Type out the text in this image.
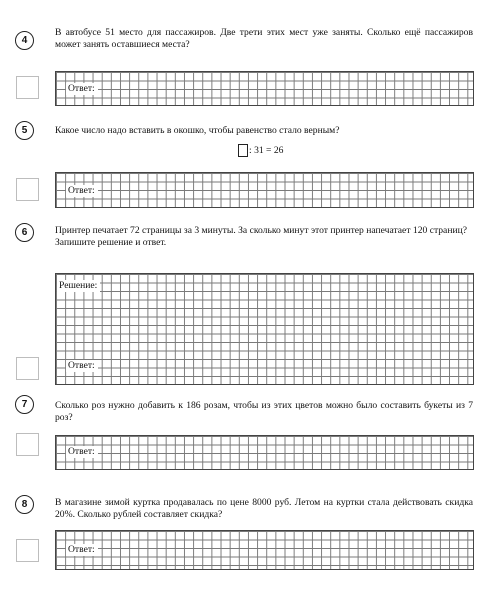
4

В автобусе 51 место для пассажиров. Две трети этих мест уже заняты. Сколько ещё пассажиров может занять оставшиеся места?

Ответ:
5	Какое число надо вставить в окошко, чтобы равенство стало верным?

: 31 = 26
Ответ:
6	Принтер печатает 72 страницы за 3 минуты. За сколько минут этот принтер напечатает 120 страниц?

Запишите решение и ответ.

Решение:
Ответ:
7	Сколько роз нужно добавить к 186 розам, чтобы из этих цветов можно было составить букеты из 7 роз?

Ответ:
8	В магазине зимой куртка продавалась по цене 8000 руб. Летом на куртки стала действовать скидка 20%. Сколько рублей составляет скидка?

Ответ:
